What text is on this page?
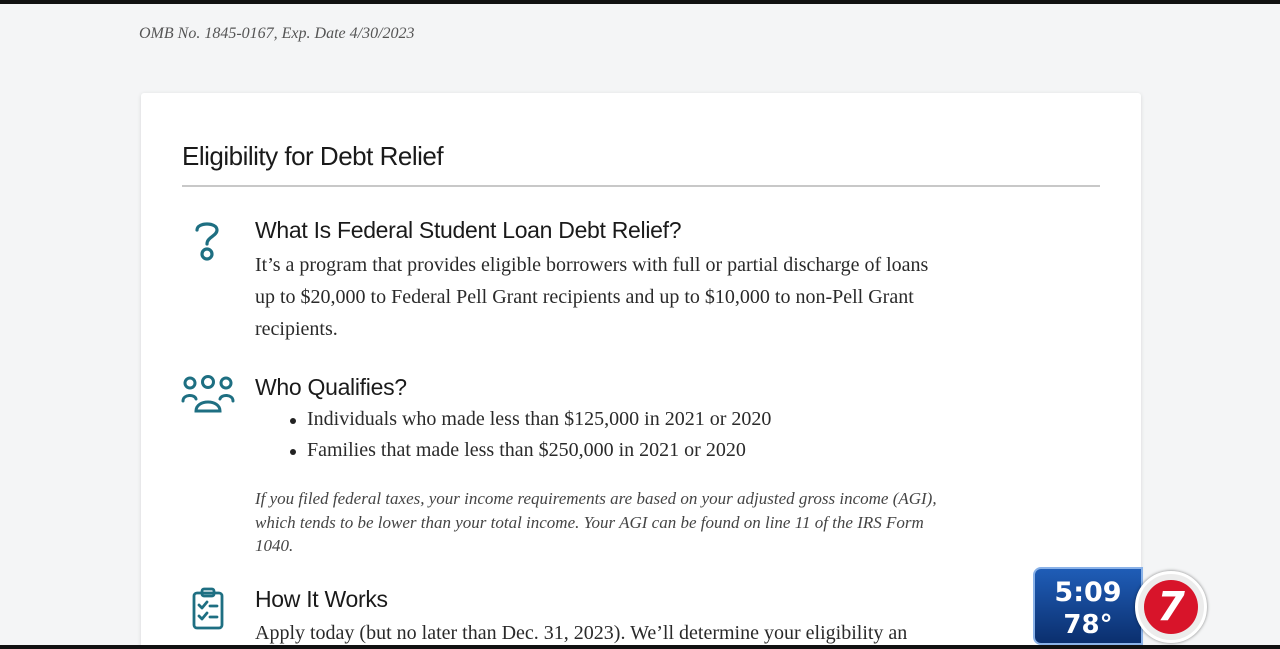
OMB No. 1845-0167, Exp. Date 4/30/2023
Eligibility for Debt Relief
What Is Federal Student Loan Debt Relief?
It’s a program that provides eligible borrowers with full or partial discharge of loans
up to $20,000 to Federal Pell Grant recipients and up to $10,000 to non-Pell Grant
recipients.
Who Qualifies?
Individuals who made less than $125,000 in 2021 or 2020
Families that made less than $250,000 in 2021 or 2020
If you filed federal taxes, your income requirements are based on your adjusted gross income (AGI),
which tends to be lower than your total income. Your AGI can be found on line 11 of the IRS Form
1040.
How It Works
Apply today (but no later than Dec. 31, 2023). We’ll determine your eligibility an
5:09
78°	7
